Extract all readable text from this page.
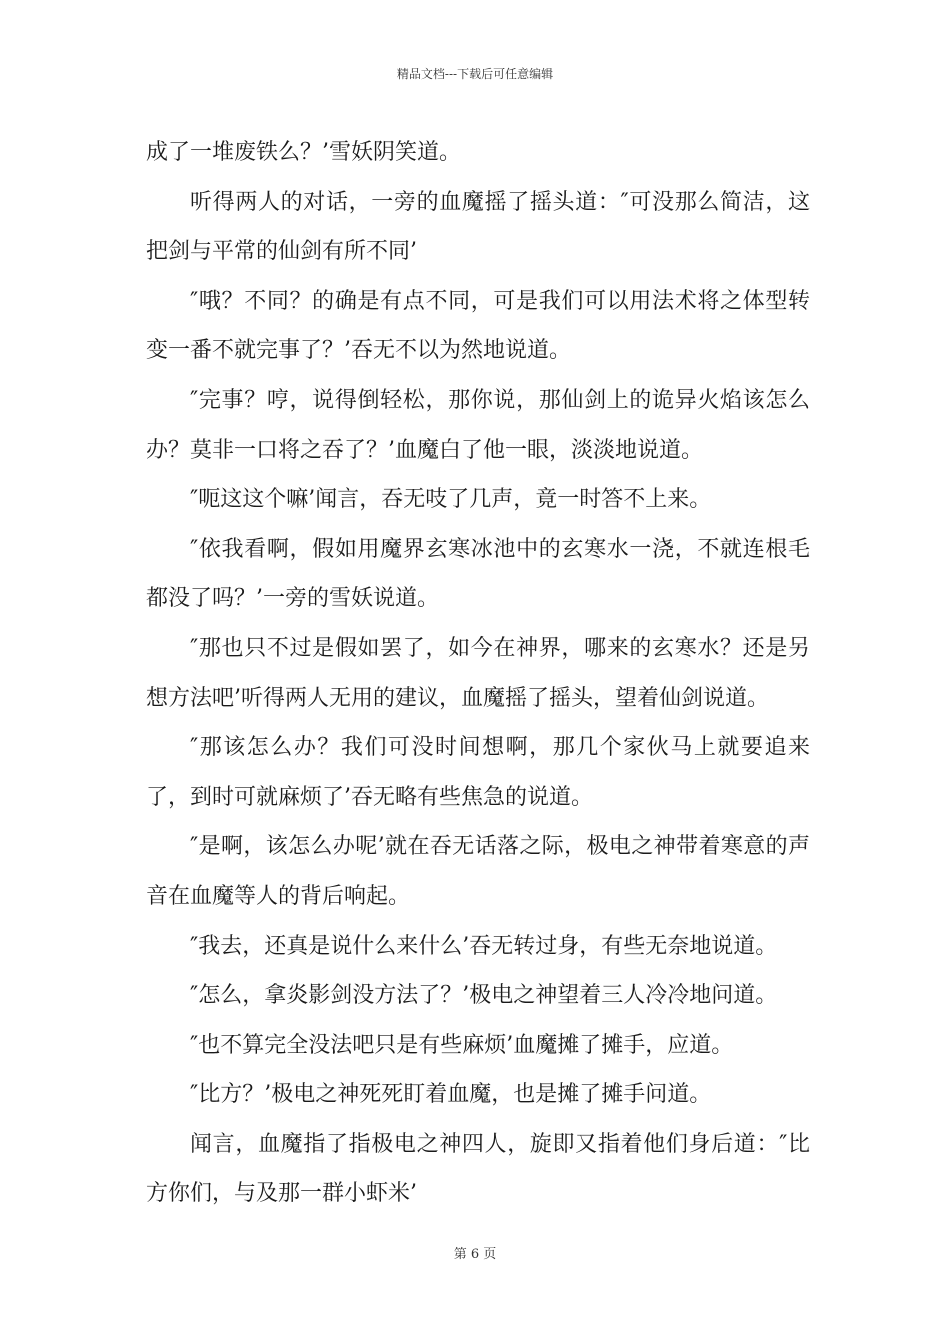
精品文档---下载后可任意编辑

成了一堆废铁么？’雪妖阴笑道。

听得两人的对话，一旁的血魔摇了摇头道：″可没那么简洁，这把剑与平常的仙剑有所不同’

″哦？不同？的确是有点不同，可是我们可以用法术将之体型转变一番不就完事了？’吞无不以为然地说道。

″完事？哼，说得倒轻松，那你说，那仙剑上的诡异火焰该怎么办？莫非一口将之吞了？’血魔白了他一眼，淡淡地说道。

″呃这这个嘛’闻言，吞无吱了几声，竟一时答不上来。

″依我看啊，假如用魔界玄寒冰池中的玄寒水一浇，不就连根毛都没了吗？’一旁的雪妖说道。

″那也只不过是假如罢了，如今在神界，哪来的玄寒水？还是另想方法吧’听得两人无用的建议，血魔摇了摇头，望着仙剑说道。

″那该怎么办？我们可没时间想啊，那几个家伙马上就要追来了，到时可就麻烦了’吞无略有些焦急的说道。

″是啊，该怎么办呢’就在吞无话落之际，极电之神带着寒意的声音在血魔等人的背后响起。

″我去，还真是说什么来什么’吞无转过身，有些无奈地说道。

″怎么，拿炎影剑没方法了？’极电之神望着三人冷冷地问道。

″也不算完全没法吧只是有些麻烦’血魔摊了摊手，应道。

″比方？’极电之神死死盯着血魔，也是摊了摊手问道。

闻言，血魔指了指极电之神四人，旋即又指着他们身后道：″比方你们，与及那一群小虾米’

第 6 页
